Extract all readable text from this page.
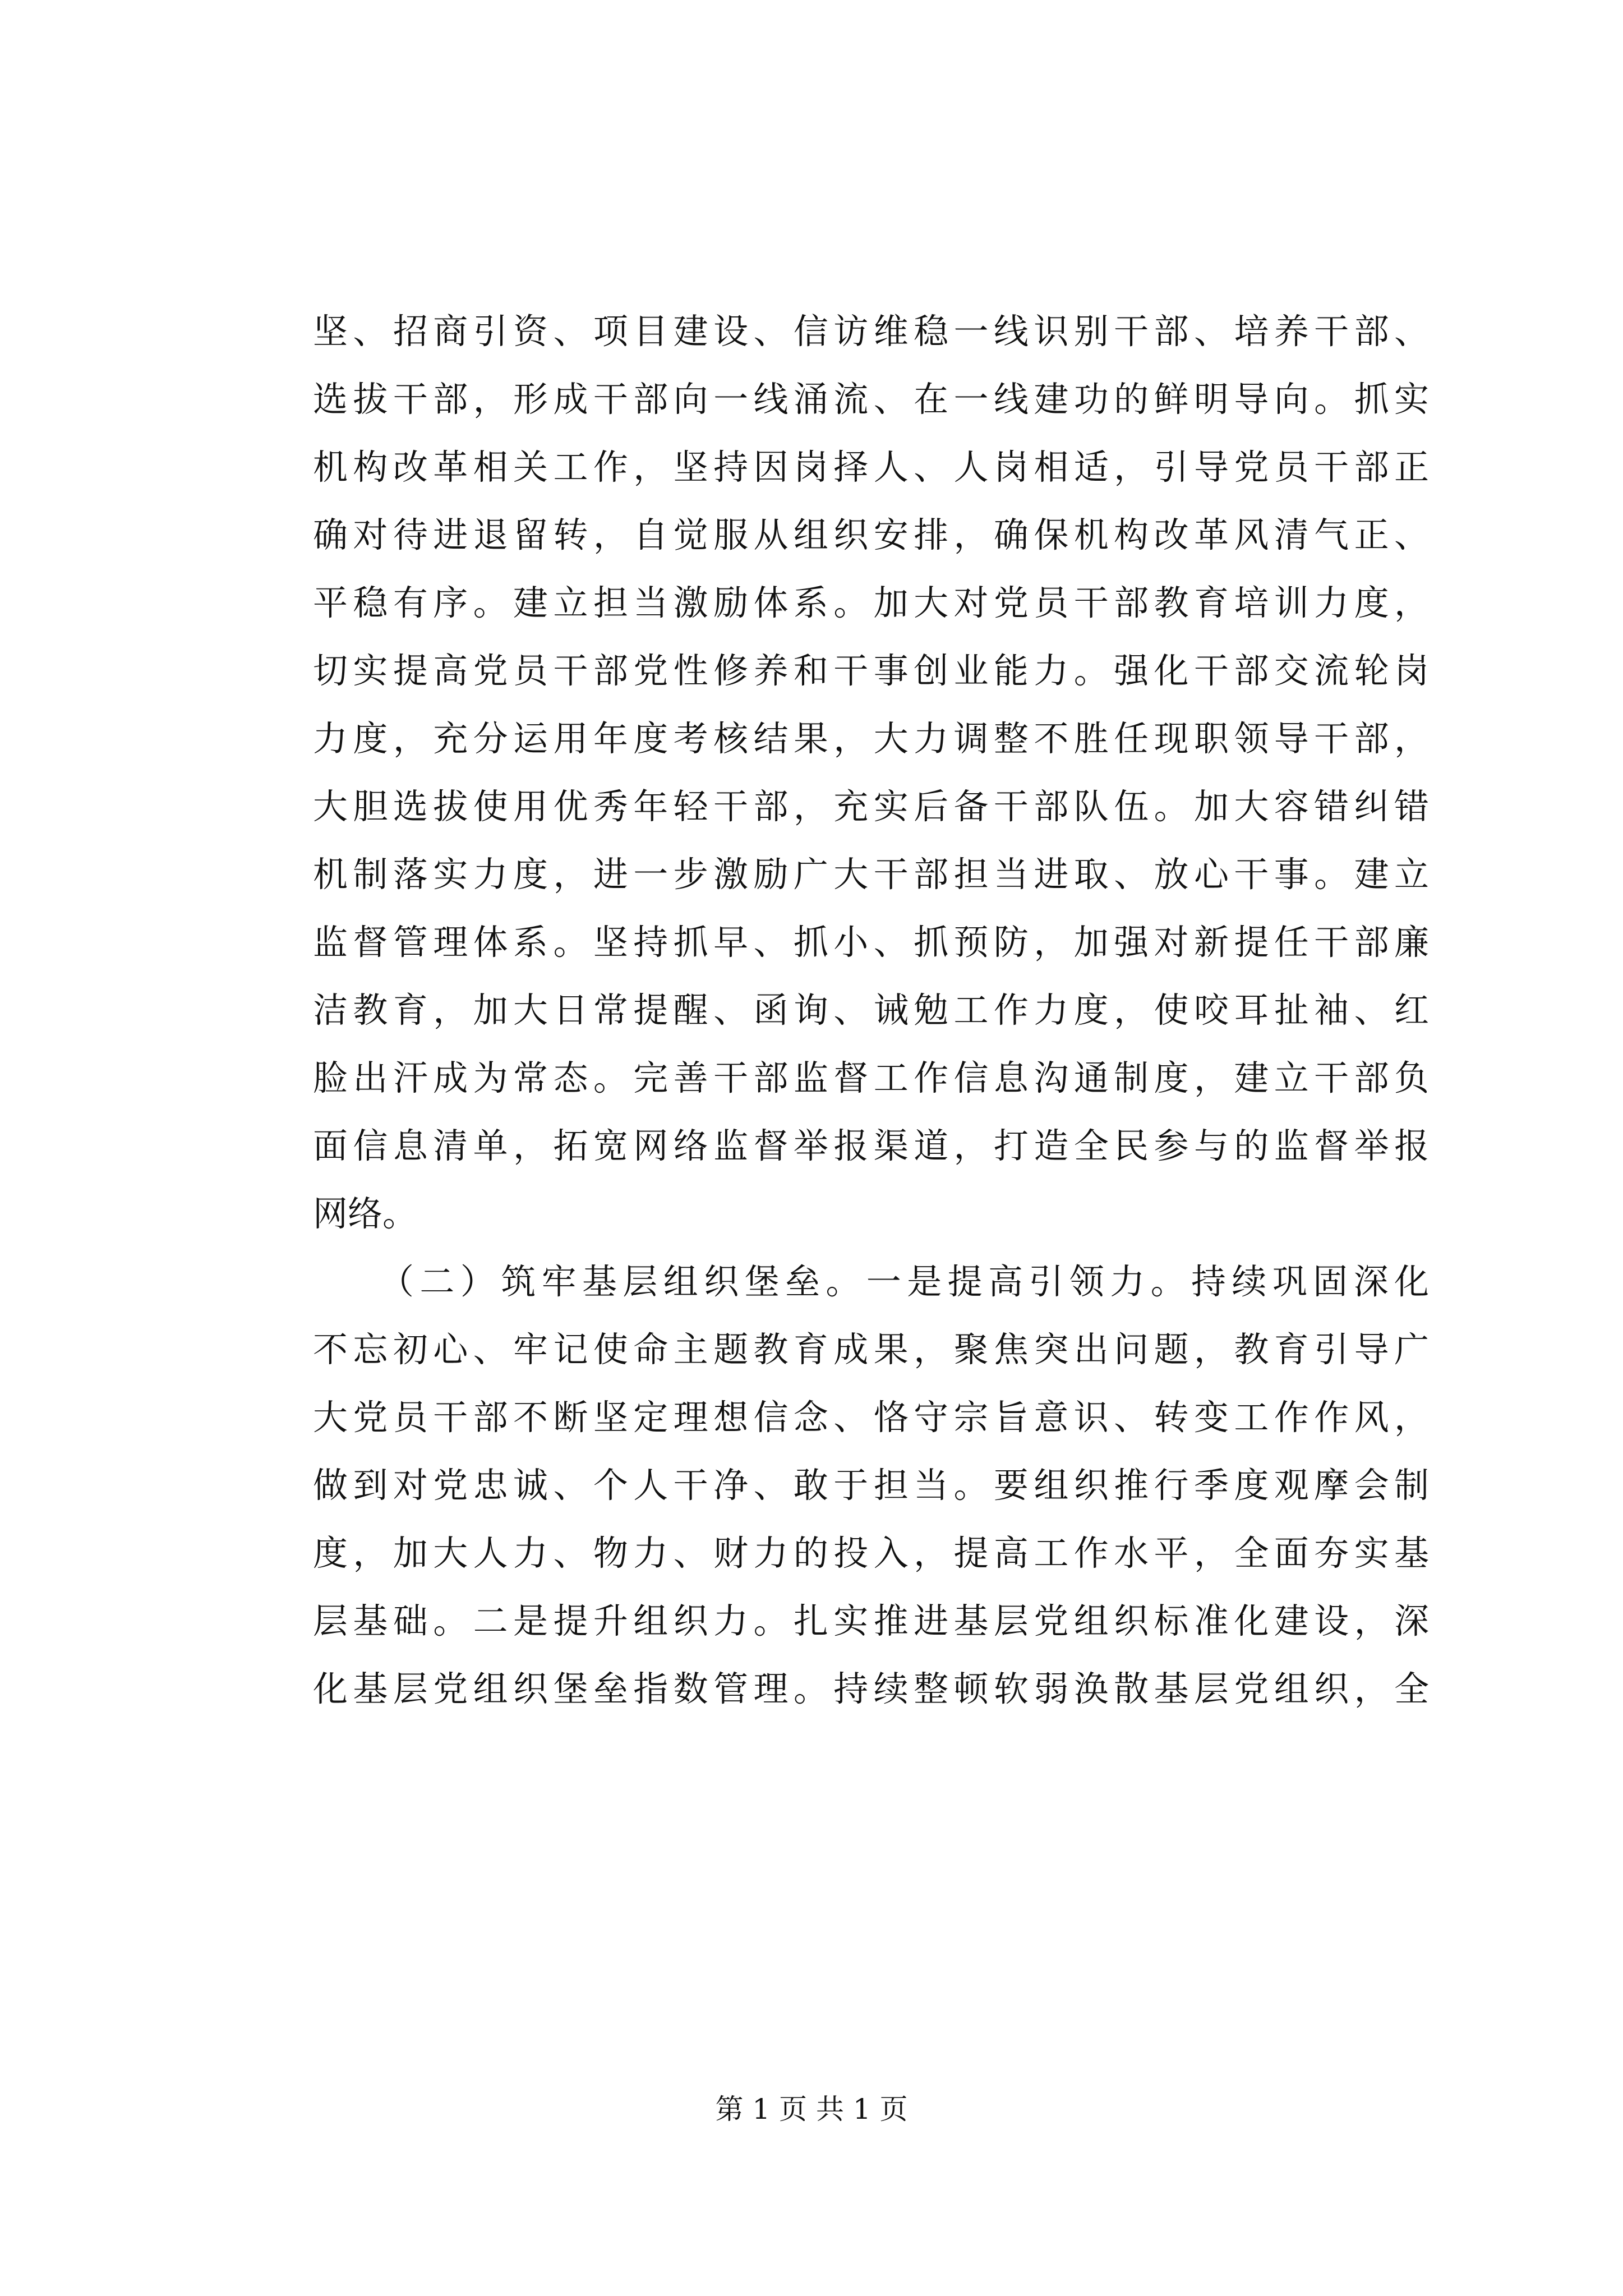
坚、招商引资、项目建设、信访维稳一线识别干部、培养干部、
选拔干部，形成干部向一线涌流、在一线建功的鲜明导向。抓实
机构改革相关工作，坚持因岗择人、人岗相适，引导党员干部正
确对待进退留转，自觉服从组织安排，确保机构改革风清气正、
平稳有序。建立担当激励体系。加大对党员干部教育培训力度，
切实提高党员干部党性修养和干事创业能力。强化干部交流轮岗
力度，充分运用年度考核结果，大力调整不胜任现职领导干部，
大胆选拔使用优秀年轻干部，充实后备干部队伍。加大容错纠错
机制落实力度，进一步激励广大干部担当进取、放心干事。建立
监督管理体系。坚持抓早、抓小、抓预防，加强对新提任干部廉
洁教育，加大日常提醒、函询、诫勉工作力度，使咬耳扯袖、红
脸出汗成为常态。完善干部监督工作信息沟通制度，建立干部负
面信息清单，拓宽网络监督举报渠道，打造全民参与的监督举报
网络。
（二）筑牢基层组织堡垒。一是提高引领力。持续巩固深化
不忘初心、牢记使命主题教育成果，聚焦突出问题，教育引导广
大党员干部不断坚定理想信念、恪守宗旨意识、转变工作作风，
做到对党忠诚、个人干净、敢于担当。要组织推行季度观摩会制
度，加大人力、物力、财力的投入，提高工作水平，全面夯实基
层基础。二是提升组织力。扎实推进基层党组织标准化建设，深
化基层党组织堡垒指数管理。持续整顿软弱涣散基层党组织，全
第 1 页 共 1 页
